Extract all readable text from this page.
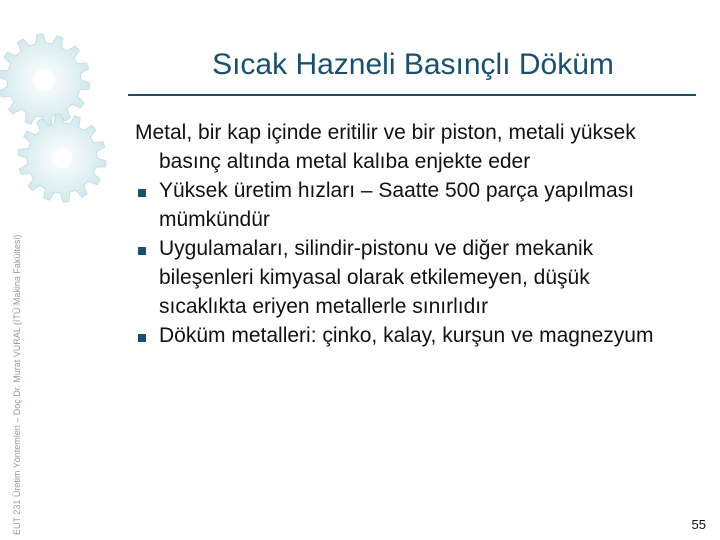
EUT 231 Üretim Yöntemleri – Doç.Dr. Murat VURAL (İTÜ Makina Fakültesi)
Sıcak Hazneli Basınçlı Döküm

Metal, bir kap içinde eritilir ve bir piston, metali yüksek basınç altında metal kalıba enjekte eder

Yüksek üretim hızları – Saatte 500 parça yapılması mümkündür

Uygulamaları, silindir-pistonu ve diğer mekanik bileşenleri kimyasal olarak etkilemeyen, düşük sıcaklıkta eriyen metallerle sınırlıdır

Döküm metalleri: çinko, kalay, kurşun ve magnezyum

55
